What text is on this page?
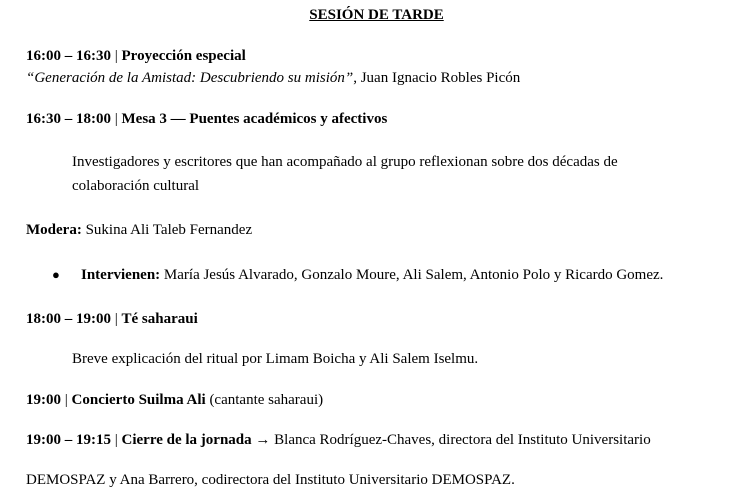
SESIÓN DE TARDE
16:00 – 16:30 | Proyección especial
“Generación de la Amistad: Descubriendo su misión”, Juan Ignacio Robles Picón
16:30 – 18:00 | Mesa 3 — Puentes académicos y afectivos
Investigadores y escritores que han acompañado al grupo reflexionan sobre dos décadas de
colaboración cultural
Modera: Sukina Ali Taleb Fernandez
● Intervienen: María Jesús Alvarado, Gonzalo Moure, Ali Salem, Antonio Polo y Ricardo Gomez.
18:00 – 19:00 | Té saharaui
Breve explicación del ritual por Limam Boicha y Ali Salem Iselmu.
19:00 | Concierto Suilma Ali (cantante saharaui)
19:00 – 19:15 | Cierre de la jornada → Blanca Rodríguez-Chaves, directora del Instituto Universitario
DEMOSPAZ y Ana Barrero, codirectora del Instituto Universitario DEMOSPAZ.
